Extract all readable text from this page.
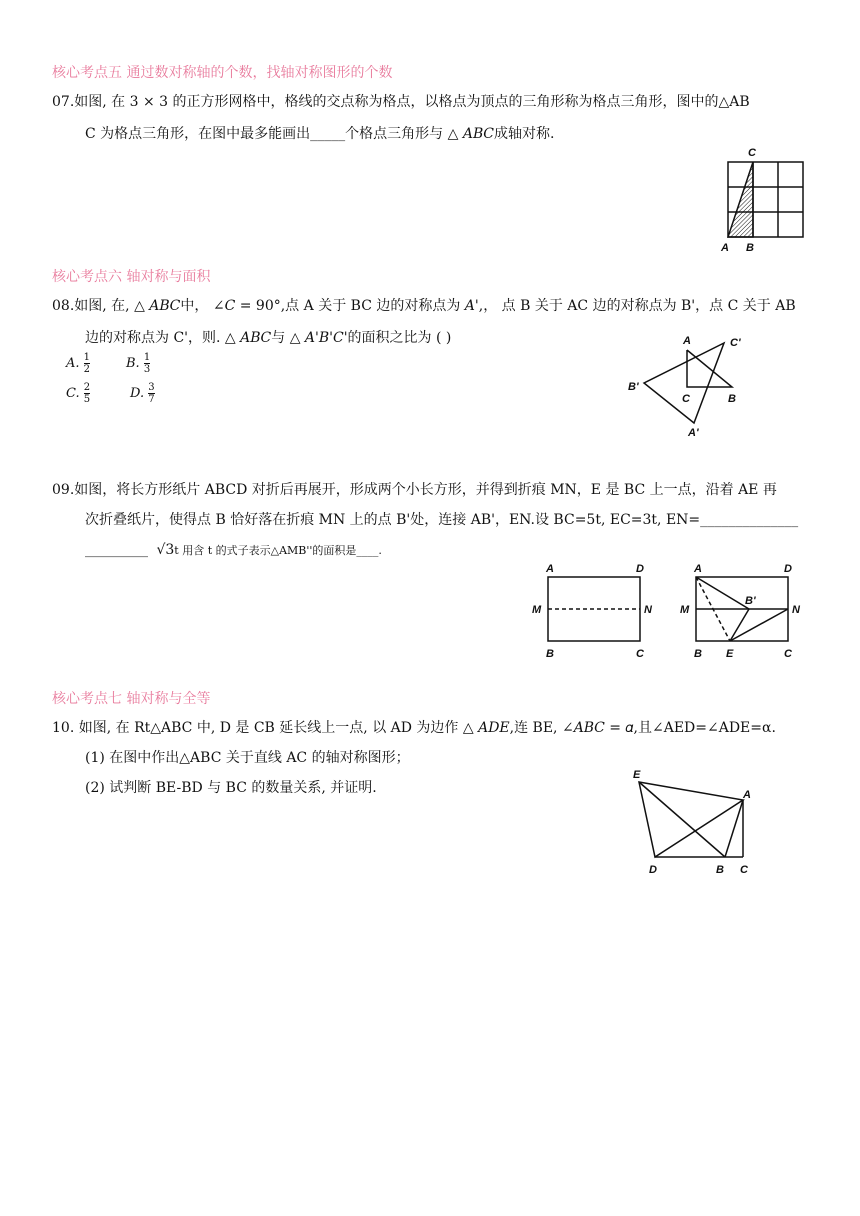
核心考点五 通过数对称轴的个数，找轴对称图形的个数
07.如图, 在 3 × 3 的正方形网格中，格线的交点称为格点，以格点为顶点的三角形称为格点三角形，图中的△AB
C 为格点三角形，在图中最多能画出_____个格点三角形与 △ 𝐴𝐵𝐶成轴对称.
C
A B
核心考点六 轴对称与面积
08.如图, 在, △ 𝐴𝐵𝐶中， ∠𝐶 = 90°,点 A 关于 BC 边的对称点为 𝐴',， 点 B 关于 AC 边的对称点为 B'，点 C 关于 AB
边的对称点为 C'，则. △ 𝐴𝐵𝐶与 △ 𝐴'𝐵'𝐶'的面积之比为 ( )
A. $\frac{1}{2}$	B. $\frac{1}{3}$
C. $\frac{2}{5}$	D. $\frac{3}{7}$
A	C'
B'
C	B
A'
09.如图，将长方形纸片 ABCD 对折后再展开，形成两个小长方形，并得到折痕 MN，E 是 BC 上一点，沿着 AE 再
次折叠纸片，使得点 B 恰好落在折痕 MN 上的点 B'处，连接 AB'，EN.设 BC=5t, EC=3t, EN=______________
_________ √3t 用含 t 的式子表示△AMB''的面积是____.
A	D
M	N
B	C
A	D
M
B'
N
B E	C
核心考点七 轴对称与全等
10. 如图, 在 Rt△ABC 中, D 是 CB 延长线上一点, 以 AD 为边作 △ 𝐴𝐷𝐸,连 BE, ∠𝐴𝐵𝐶 = 𝛼,且∠AED=∠ADE=α.
(1) 在图中作出△ABC 关于直线 AC 的轴对称图形；
(2) 试判断 BE-BD 与 BC 的数量关系, 并证明.
E
A
D	B C
